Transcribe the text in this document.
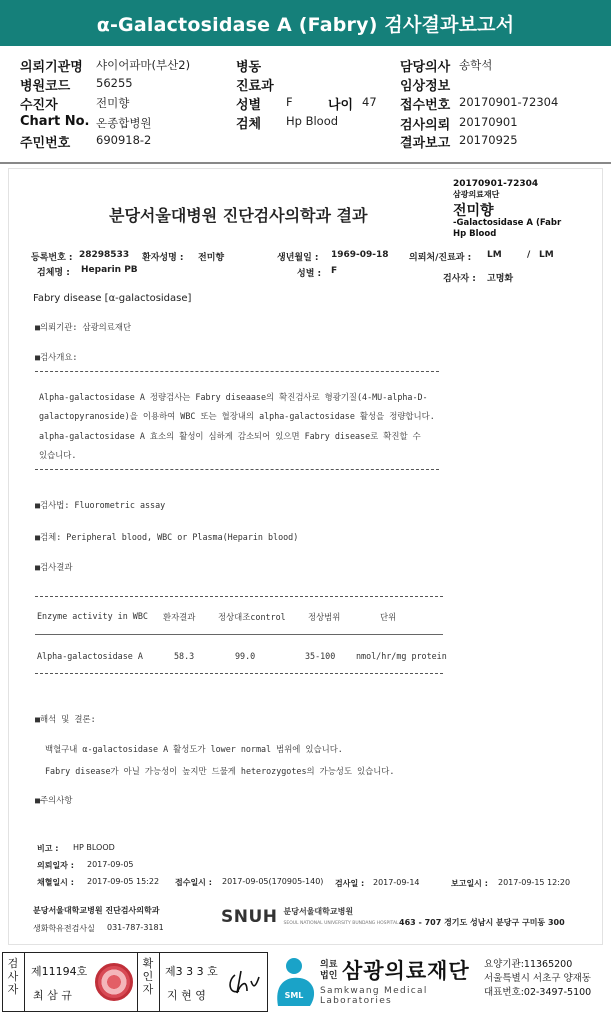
α-Galactosidase A (Fabry) 검사결과보고서
의뢰기관명 샤이어파마(부산2)
병원코드 56255
수진자	전미향
Chart No. 온종합병원
주민번호 690918-2
병동
진료과
성별 F	나이 47
검체 Hp Blood
담당의사 송학석
임상정보
접수번호 20170901-72304
검사의뢰 20170901
결과보고 20170925
20170901-72304
삼광의료재단
전미향
-Galactosidase A (Fabr
Hp Blood
분당서울대병원 진단검사의학과 결과
등록번호 : 28298533 환자성명 : 전미향	생년월일 : 1969-09-18 의뢰처/진료과 : LM	/ LM
검체명 : Heparin PB	성별 : F
검사자 : 고명화
Fabry disease [α-galactosidase]
■의뢰기관: 삼광의료재단
■검사개요:
Alpha-galactosidase A 정량검사는 Fabry diseaase의 확진검사로 형광기질(4-MU-alpha-D-
galactopyranoside)을 이용하여 WBC 또는 혈장내의 alpha-galactosidase 활성을 정량합니다.
alpha-galactosidase A 효소의 활성이 심하게 감소되어 있으면 Fabry disease로 확진할 수
있습니다.
■검사법: Fluorometric assay
■검체: Peripheral blood, WBC or Plasma(Heparin blood)
■검사결과
Enzyme activity in WBC 환자결과	정상대조control	정상범위	단위
Alpha-galactosidase A	58.3	99.0	35-100 nmol/hr/mg protein
■해석 및 결론:
백혈구내 α-galactosidase A 활성도가 lower normal 범위에 있습니다.
Fabry disease가 아닐 가능성이 높지만 드물게 heterozygotes의 가능성도 있습니다.
■주의사항
비고 : HP BLOOD
의뢰일자 : 2017-09-05
채혈일시 : 2017-09-05 15:22 접수일시 : 2017-09-05(170905-140) 검사일 : 2017-09-14	보고일시 : 2017-09-15 12:20
분당서울대학교병원 진단검사의학과
생화학유전검사실 031-787-3181
SNUH 분당서울대학교병원
SEOUL NATIONAL UNIVERSITY BUNDANG HOSPITAL 463 - 707 경기도 성남시 분당구 구미동 300
검
사
자
제11194호
최 삼 규
확
인
자
제3 3 3 호
지 현 영	SML
의료
법인 삼광의료재단
Samkwang Medical Laboratories
요양기관:11365200
서울특별시 서초구 양재동
대표번호:02-3497-5100
